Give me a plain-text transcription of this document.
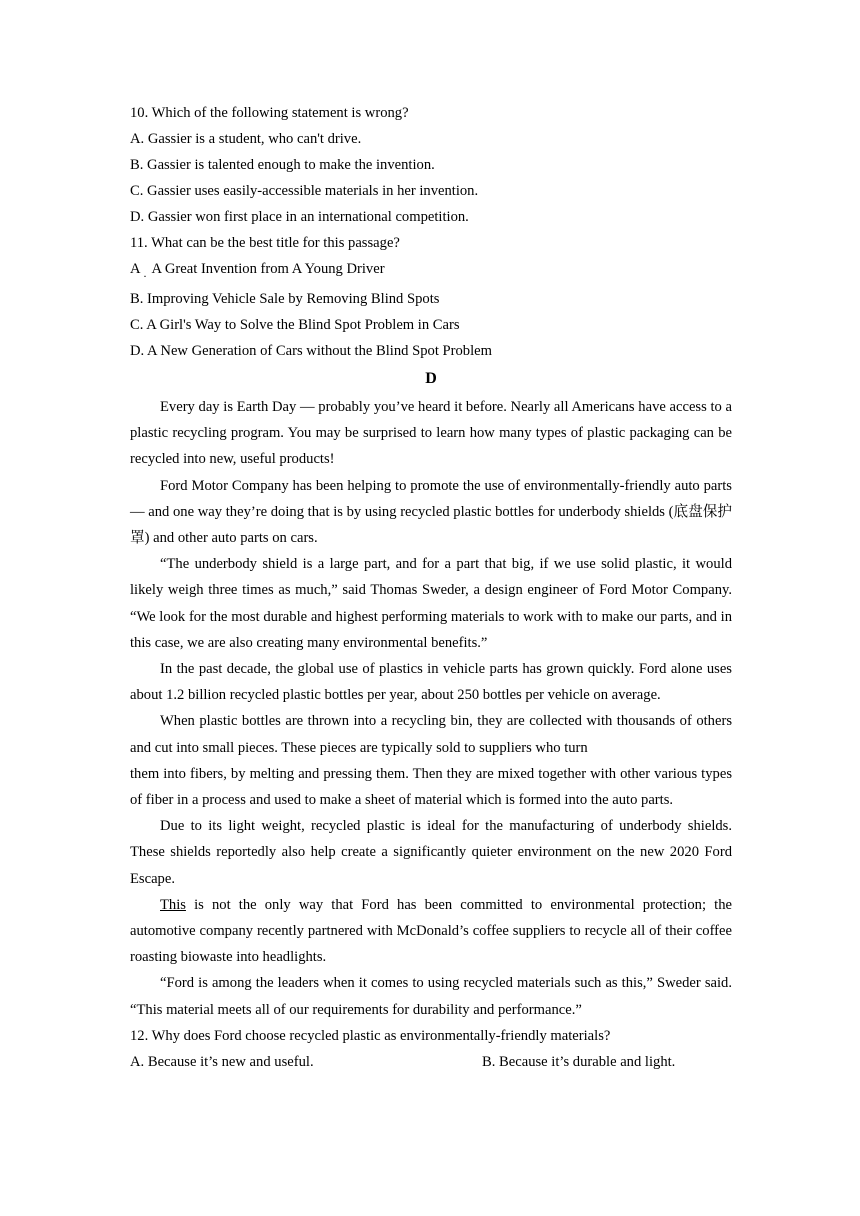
10. Which of the following statement is wrong?
A. Gassier is a student, who can't drive.
B. Gassier is talented enough to make the invention.
C. Gassier uses easily-accessible materials in her invention.
D. Gassier won first place in an international competition.
11. What can be the best title for this passage?
A · A Great Invention from A Young Driver
B. Improving Vehicle Sale by Removing Blind Spots
C. A Girl's Way to Solve the Blind Spot Problem in Cars
D. A New Generation of Cars without the Blind Spot Problem
D

Every day is Earth Day — probably you’ve heard it before. Nearly all Americans have access to a plastic recycling program. You may be surprised to learn how many types of plastic packaging can be recycled into new, useful products!

Ford Motor Company has been helping to promote the use of environmentally-friendly auto parts — and one way they’re doing that is by using recycled plastic bottles for underbody shields (底盘保护罩) and other auto parts on cars.

“The underbody shield is a large part, and for a part that big, if we use solid plastic, it would likely weigh three times as much,” said Thomas Sweder, a design engineer of Ford Motor Company. “We look for the most durable and highest performing materials to work with to make our parts, and in this case, we are also creating many environmental benefits.”

In the past decade, the global use of plastics in vehicle parts has grown quickly. Ford alone uses about 1.2 billion recycled plastic bottles per year, about 250 bottles per vehicle on average.

When plastic bottles are thrown into a recycling bin, they are collected with thousands of others and cut into small pieces. These pieces are typically sold to suppliers who turn
them into fibers, by melting and pressing them. Then they are mixed together with other various types of fiber in a process and used to make a sheet of material which is formed into the auto parts.

Due to its light weight, recycled plastic is ideal for the manufacturing of underbody shields. These shields reportedly also help create a significantly quieter environment on the new 2020 Ford Escape.

This is not the only way that Ford has been committed to environmental protection; the automotive company recently partnered with McDonald’s coffee suppliers to recycle all of their coffee roasting biowaste into headlights.

“Ford is among the leaders when it comes to using recycled materials such as this,” Sweder said. “This material meets all of our requirements for durability and performance.”

12. Why does Ford choose recycled plastic as environmentally-friendly materials?
A. Because it’s new and useful.	B. Because it’s durable and light.
